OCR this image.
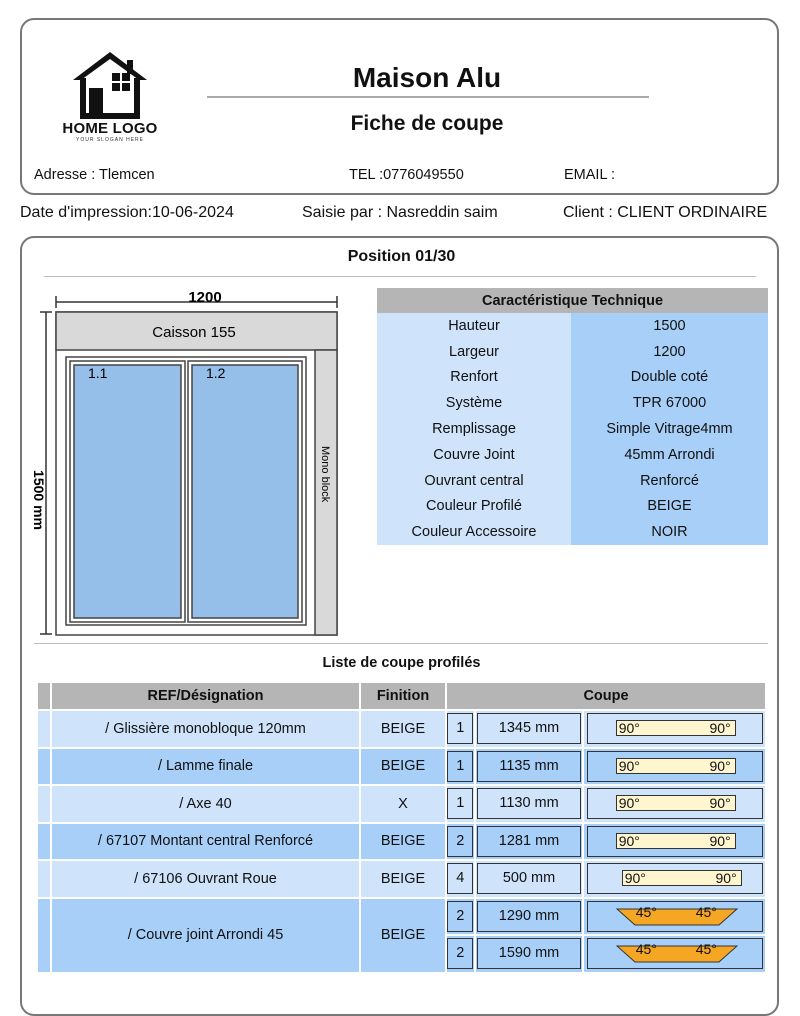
HOME LOGO
YOUR SLOGAN HERE
Maison Alu
Fiche de coupe
Adresse : Tlemcen	TEL :0776049550	EMAIL :
Date d'impression:10-06-2024	Saisie par : Nasreddin saim	Client : CLIENT ORDINAIRE
Position 01/30
1200
1500 mm
Caisson 155
Mono block
1.1	1.2
Caractéristique Technique	
Hauteur	1500
Largeur	1200
Renfort	Double coté
Système	TPR 67000
Remplissage	Simple Vitrage4mm
Couvre Joint	45mm Arrondi
Ouvrant central	Renforcé
Couleur Profilé	BEIGE
Couleur Accessoire	NOIR
Liste de coupe profilés
	REF/Désignation	Finition	Coupe		
	/ Glissière monobloque 120mm	BEIGE	1	1345 mm	90° 90°

	/ Lamme finale	BEIGE	1	1135 mm	90° 90°

	/ Axe 40	X	1	1130 mm	90° 90°

	/ 67107 Montant central Renforcé	BEIGE	2	1281 mm	90° 90°

	/ 67106 Ouvrant Roue	BEIGE	4	500 mm	90° 90°

	/ Couvre joint Arrondi 45	BEIGE	2	1290 mm	45° 45°

			2	1590 mm	45° 45°
